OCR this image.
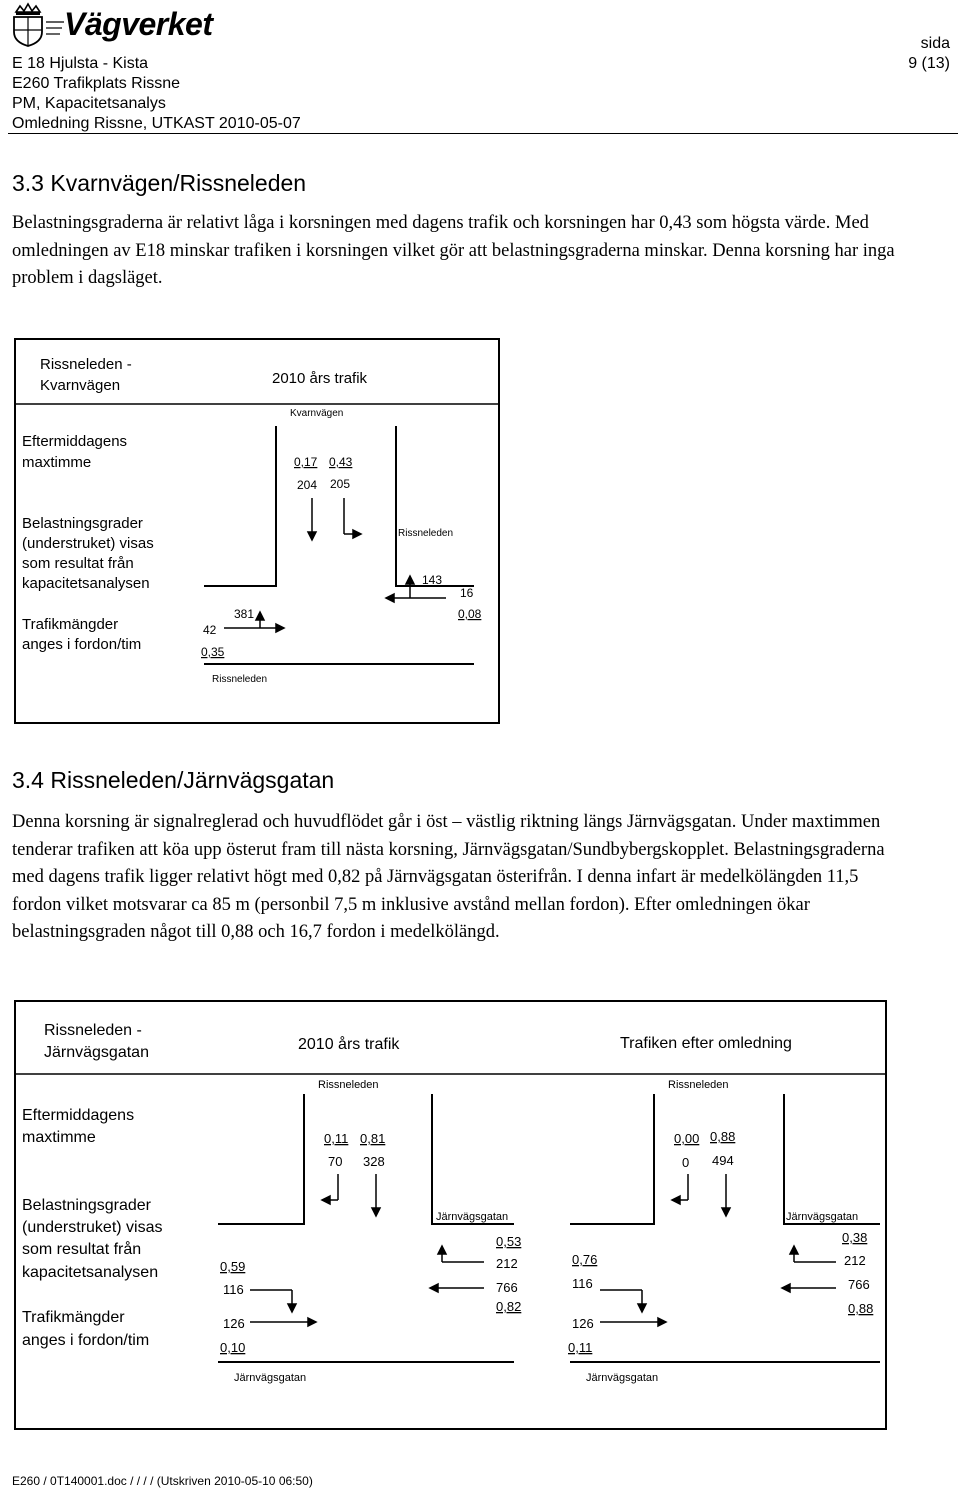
Vägverket
E 18 Hjulsta - Kista
E260 Trafikplats Rissne
PM, Kapacitetsanalys
Omledning Rissne, UTKAST 2010-05-07
sida
9 (13)
3.3 Kvarnvägen/Rissneleden
Belastningsgraderna är relativt låga i korsningen med dagens trafik och korsningen har 0,43 som högsta värde. Med omledningen av E18 minskar trafiken i korsningen vilket gör att belastningsgraderna minskar. Denna korsning har inga problem i dagsläget.
Rissneleden -
Kvarnvägen	2010 års trafik
Eftermiddagens
maxtimme
Belastningsgrader
(understruket) visas
som resultat från
kapacitetsanalysen
Trafikmängder
anges i fordon/tim
Kvarnvägen
Rissneleden
Rissneleden
0,17 0,43
204 205
143
16
0,08
381
42
0,35
3.4 Rissneleden/Järnvägsgatan
Denna korsning är signalreglerad och huvudflödet går i öst – västlig riktning längs Järnvägsgatan. Under maxtimmen tenderar trafiken att köa upp österut fram till nästa korsning, Järnvägsgatan/Sundbybergskopplet. Belastningsgraderna med dagens trafik ligger relativt högt med 0,82 på Järnvägsgatan österifrån. I denna infart är medelkölängden 11,5 fordon vilket motsvarar ca 85 m (personbil 7,5 m inklusive avstånd mellan fordon). Efter omledningen ökar belastningsgraden något till 0,88 och 16,7 fordon i medelkölängd.
Rissneleden -
Järnvägsgatan	2010 års trafik	Trafiken efter omledning
Eftermiddagens
maxtimme
Belastningsgrader
(understruket) visas
som resultat från
kapacitetsanalysen
Trafikmängder
anges i fordon/tim
Rissneleden
Järnvägsgatan
Järnvägsgatan
0,11 0,81
70 328
0,53
212
766
0,82
0,59
116
126
0,10
Rissneleden
Järnvägsgatan
Järnvägsgatan
0,00 0,88
0 494
0,38
212
766
0,88
0,76
116
126
0,11
E260 / 0T140001.doc / / / / (Utskriven 2010-05-10 06:50)
